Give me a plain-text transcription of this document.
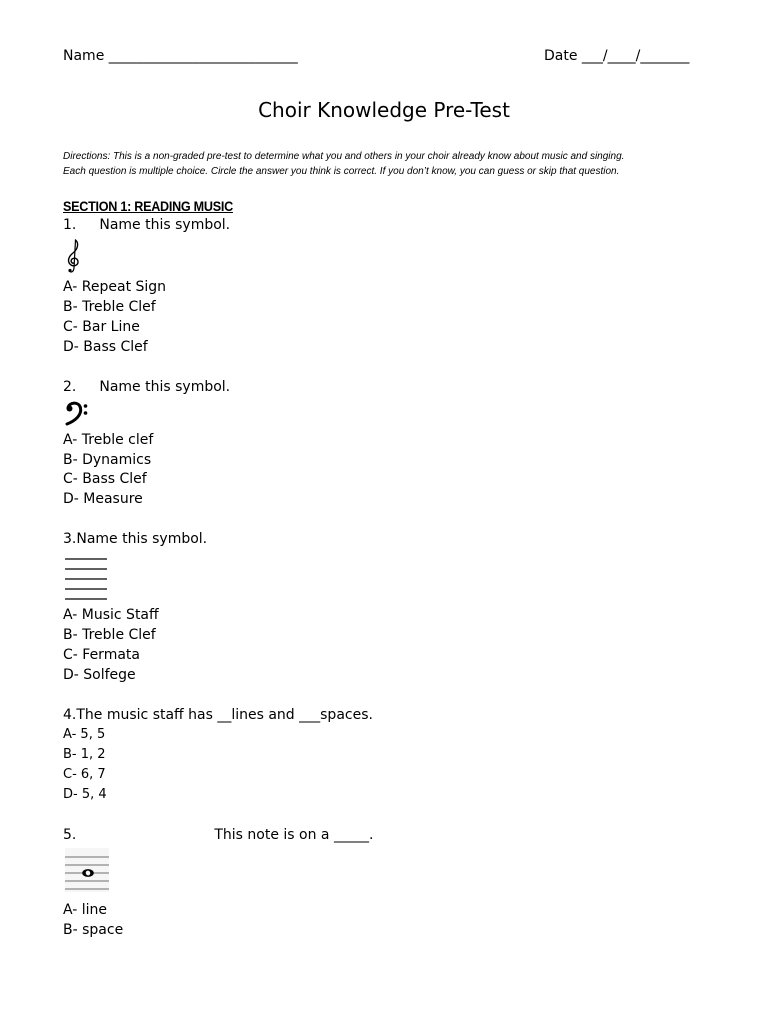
Name ___________________________	Date ___/____/_______
Choir Knowledge Pre-Test
Directions: This is a non-graded pre-test to determine what you and others in your choir already know about music and singing.
Each question is multiple choice. Circle the answer you think is correct. If you don’t know, you can guess or skip that question.
SECTION 1: READING MUSIC
1. Name this symbol.
A- Repeat Sign
B- Treble Clef
C- Bar Line
D- Bass Clef
2. Name this symbol.
A- Treble clef
B- Dynamics
C- Bass Clef
D- Measure
3.Name this symbol.
A- Music Staff
B- Treble Clef
C- Fermata
D- Solfege
4.The music staff has __lines and ___spaces.
A- 5, 5
B- 1, 2
C- 6, 7
D- 5, 4
5.	This note is on a _____.
A- line
B- space
